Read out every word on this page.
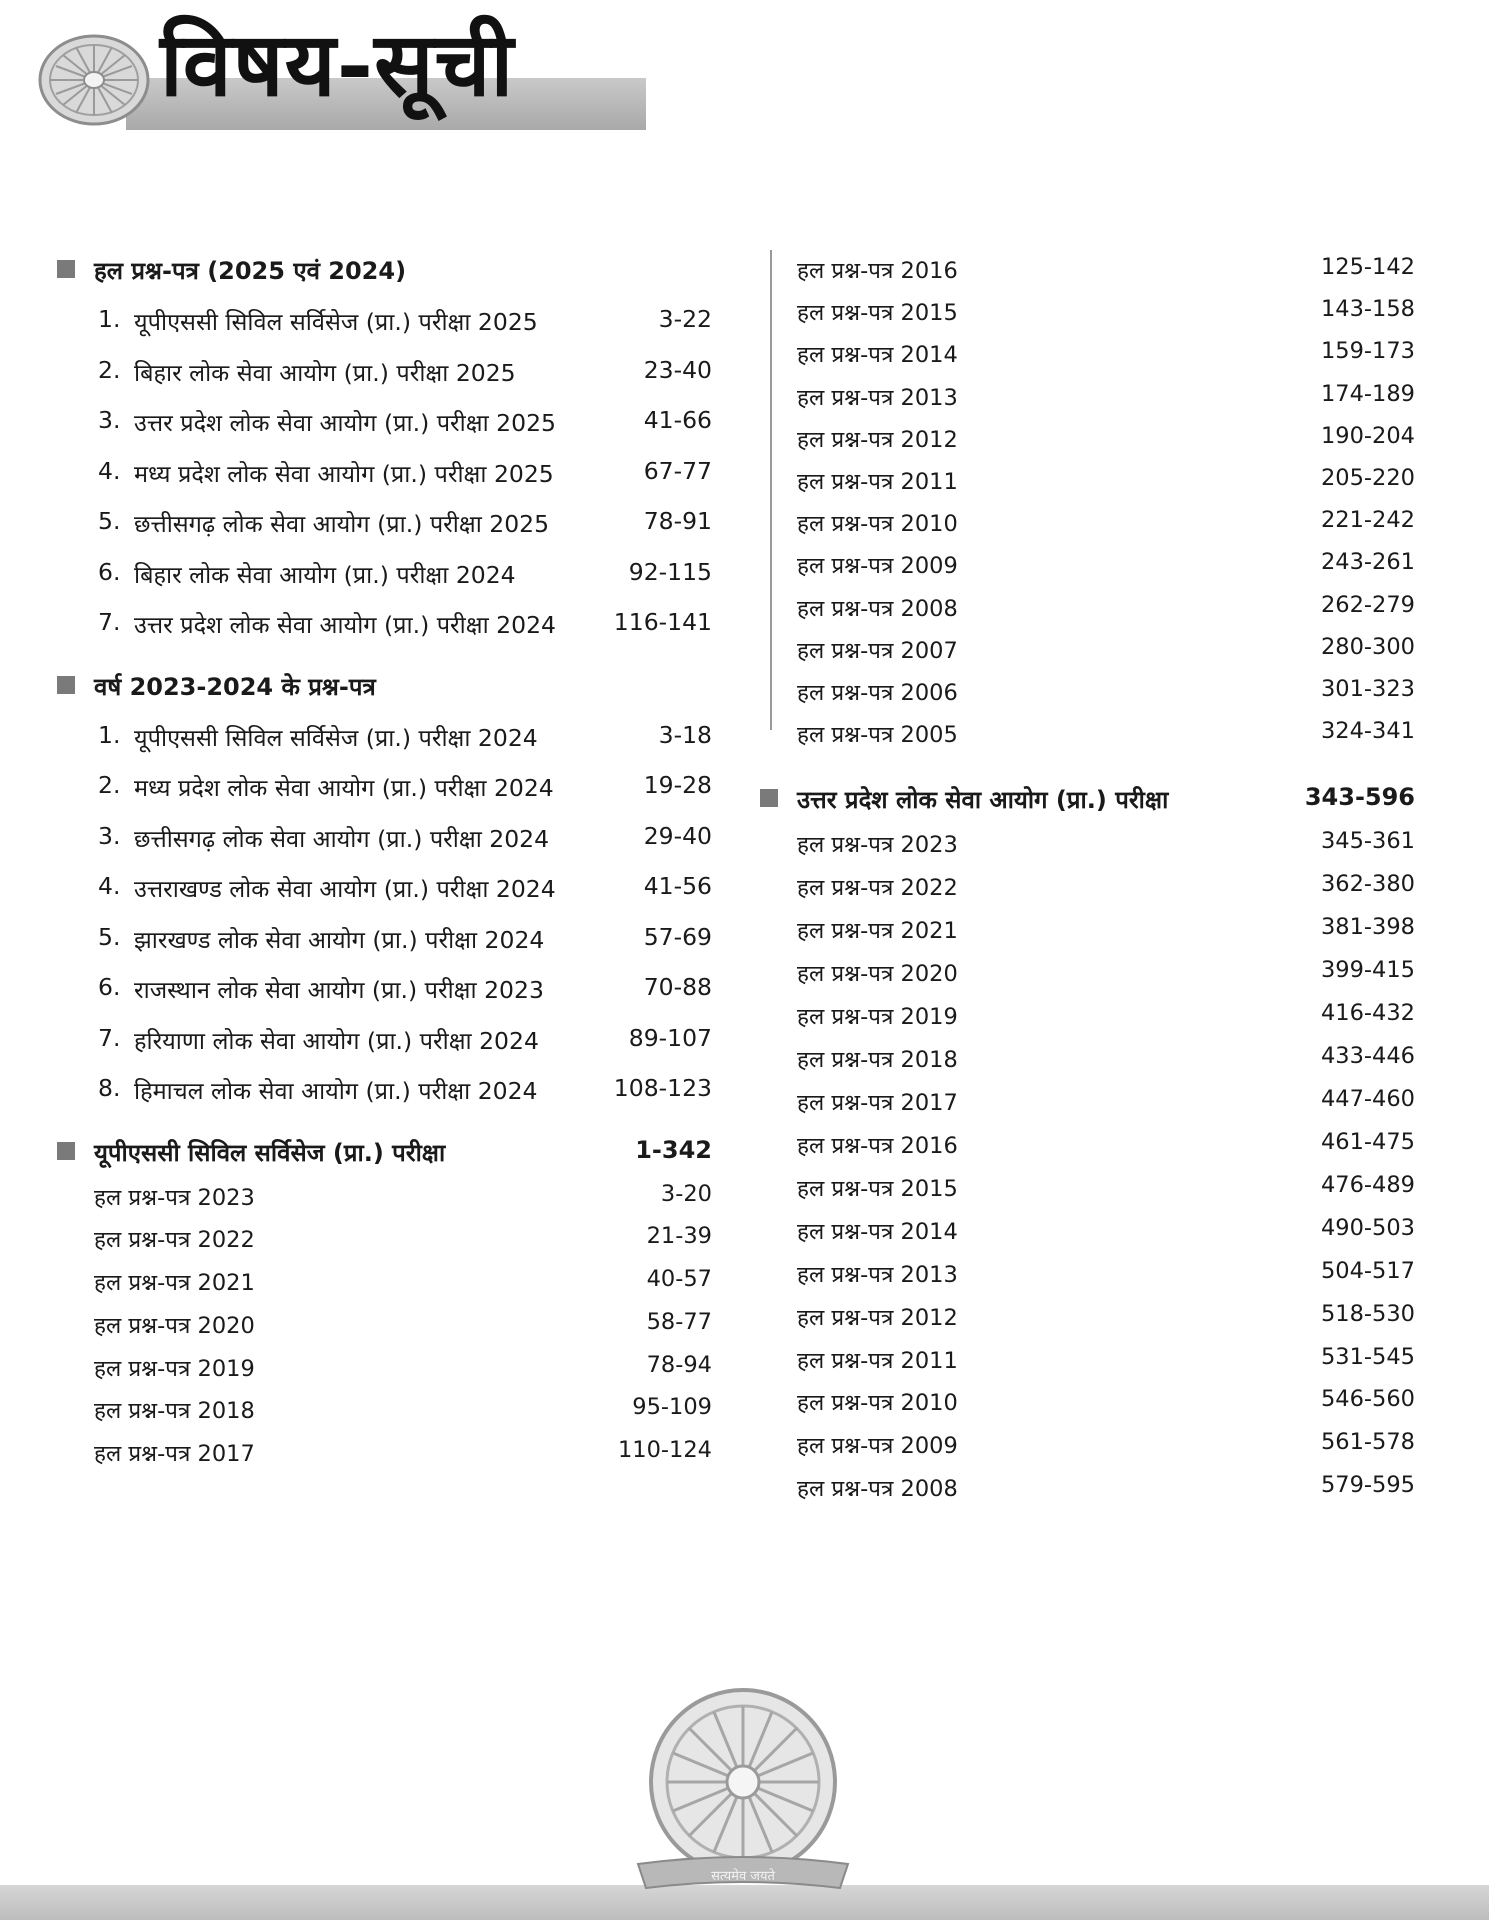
विषय-सूची
हल प्रश्न-पत्र (2025 एवं 2024)
1. यूपीएससी सिविल सर्विसेज (प्रा.) परीक्षा 2025	3-22
2. बिहार लोक सेवा आयोग (प्रा.) परीक्षा 2025	23-40
3. उत्तर प्रदेश लोक सेवा आयोग (प्रा.) परीक्षा 2025	41-66
4. मध्य प्रदेश लोक सेवा आयोग (प्रा.) परीक्षा 2025	67-77
5. छत्तीसगढ़ लोक सेवा आयोग (प्रा.) परीक्षा 2025	78-91
6. बिहार लोक सेवा आयोग (प्रा.) परीक्षा 2024	92-115
7. उत्तर प्रदेश लोक सेवा आयोग (प्रा.) परीक्षा 2024 116-141
वर्ष 2023-2024 के प्रश्न-पत्र
1. यूपीएससी सिविल सर्विसेज (प्रा.) परीक्षा 2024	3-18
2. मध्य प्रदेश लोक सेवा आयोग (प्रा.) परीक्षा 2024	19-28
3. छत्तीसगढ़ लोक सेवा आयोग (प्रा.) परीक्षा 2024	29-40
4. उत्तराखण्ड लोक सेवा आयोग (प्रा.) परीक्षा 2024	41-56
5. झारखण्ड लोक सेवा आयोग (प्रा.) परीक्षा 2024	57-69
6. राजस्थान लोक सेवा आयोग (प्रा.) परीक्षा 2023	70-88
7. हरियाणा लोक सेवा आयोग (प्रा.) परीक्षा 2024	89-107
8. हिमाचल लोक सेवा आयोग (प्रा.) परीक्षा 2024	108-123
यूपीएससी सिविल सर्विसेज (प्रा.) परीक्षा	1-342
हल प्रश्न-पत्र 2023	3-20
हल प्रश्न-पत्र 2022	21-39
हल प्रश्न-पत्र 2021	40-57
हल प्रश्न-पत्र 2020	58-77
हल प्रश्न-पत्र 2019	78-94
हल प्रश्न-पत्र 2018	95-109
हल प्रश्न-पत्र 2017	110-124
हल प्रश्न-पत्र 2016	125-142
हल प्रश्न-पत्र 2015	143-158
हल प्रश्न-पत्र 2014	159-173
हल प्रश्न-पत्र 2013	174-189
हल प्रश्न-पत्र 2012	190-204
हल प्रश्न-पत्र 2011	205-220
हल प्रश्न-पत्र 2010	221-242
हल प्रश्न-पत्र 2009	243-261
हल प्रश्न-पत्र 2008	262-279
हल प्रश्न-पत्र 2007	280-300
हल प्रश्न-पत्र 2006	301-323
हल प्रश्न-पत्र 2005	324-341
उत्तर प्रदेश लोक सेवा आयोग (प्रा.) परीक्षा	343-596
हल प्रश्न-पत्र 2023	345-361
हल प्रश्न-पत्र 2022	362-380
हल प्रश्न-पत्र 2021	381-398
हल प्रश्न-पत्र 2020	399-415
हल प्रश्न-पत्र 2019	416-432
हल प्रश्न-पत्र 2018	433-446
हल प्रश्न-पत्र 2017	447-460
हल प्रश्न-पत्र 2016	461-475
हल प्रश्न-पत्र 2015	476-489
हल प्रश्न-पत्र 2014	490-503
हल प्रश्न-पत्र 2013	504-517
हल प्रश्न-पत्र 2012	518-530
हल प्रश्न-पत्र 2011	531-545
हल प्रश्न-पत्र 2010	546-560
हल प्रश्न-पत्र 2009	561-578
हल प्रश्न-पत्र 2008	579-595
सत्यमेव जयते
